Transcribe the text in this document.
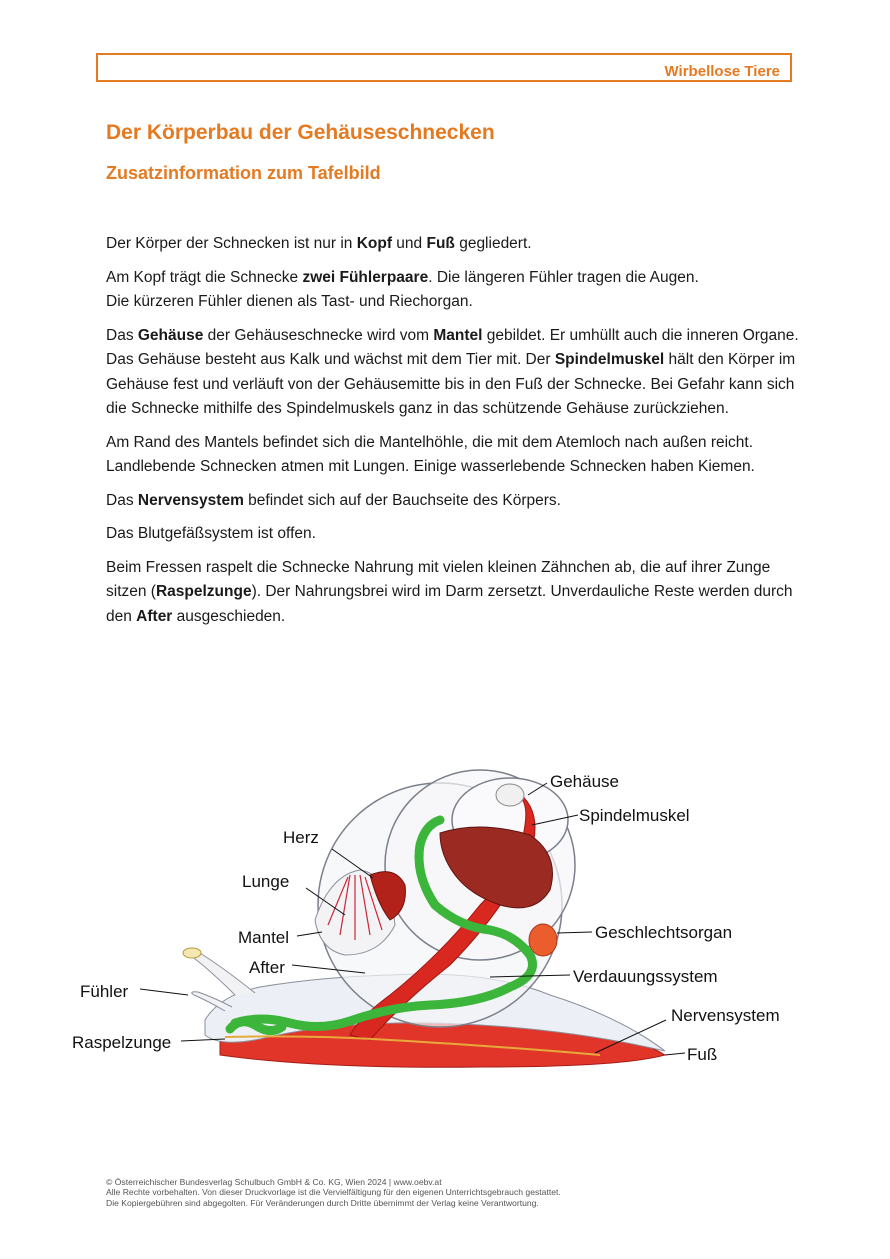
Wirbellose Tiere
Der Körperbau der Gehäuseschnecken
Zusatzinformation zum Tafelbild

Der Körper der Schnecken ist nur in Kopf und Fuß gegliedert.

Am Kopf trägt die Schnecke zwei Fühlerpaare. Die längeren Fühler tragen die Augen.
Die kürzeren Fühler dienen als Tast- und Riechorgan.

Das Gehäuse der Gehäuseschnecke wird vom Mantel gebildet. Er umhüllt auch die inneren Organe. Das Gehäuse besteht aus Kalk und wächst mit dem Tier mit. Der Spindelmuskel hält den Körper im Gehäuse fest und verläuft von der Gehäusemitte bis in den Fuß der Schnecke. Bei Gefahr kann sich die Schnecke mithilfe des Spindelmuskels ganz in das schützende Gehäuse zurückziehen.

Am Rand des Mantels befindet sich die Mantelhöhle, die mit dem Atemloch nach außen reicht. Landlebende Schnecken atmen mit Lungen. Einige wasserlebende Schnecken haben Kiemen.

Das Nervensystem befindet sich auf der Bauchseite des Körpers.

Das Blutgefäßsystem ist offen.

Beim Fressen raspelt die Schnecke Nahrung mit vielen kleinen Zähnchen ab, die auf ihrer Zunge sitzen (Raspelzunge). Der Nahrungsbrei wird im Darm zersetzt. Unverdauliche Reste werden durch den After ausgeschieden.

Gehäuse
Spindelmuskel
Herz
Lunge
Mantel
After
Fühler
Raspelzunge
Geschlechtsorgan
Verdauungssystem
Nervensystem
Fuß
© Österreichischer Bundesverlag Schulbuch GmbH & Co. KG, Wien 2024 | www.oebv.at
Alle Rechte vorbehalten. Von dieser Druckvorlage ist die Vervielfältigung für den eigenen Unterrichtsgebrauch gestattet.
Die Kopiergebühren sind abgegolten. Für Veränderungen durch Dritte übernimmt der Verlag keine Verantwortung.
